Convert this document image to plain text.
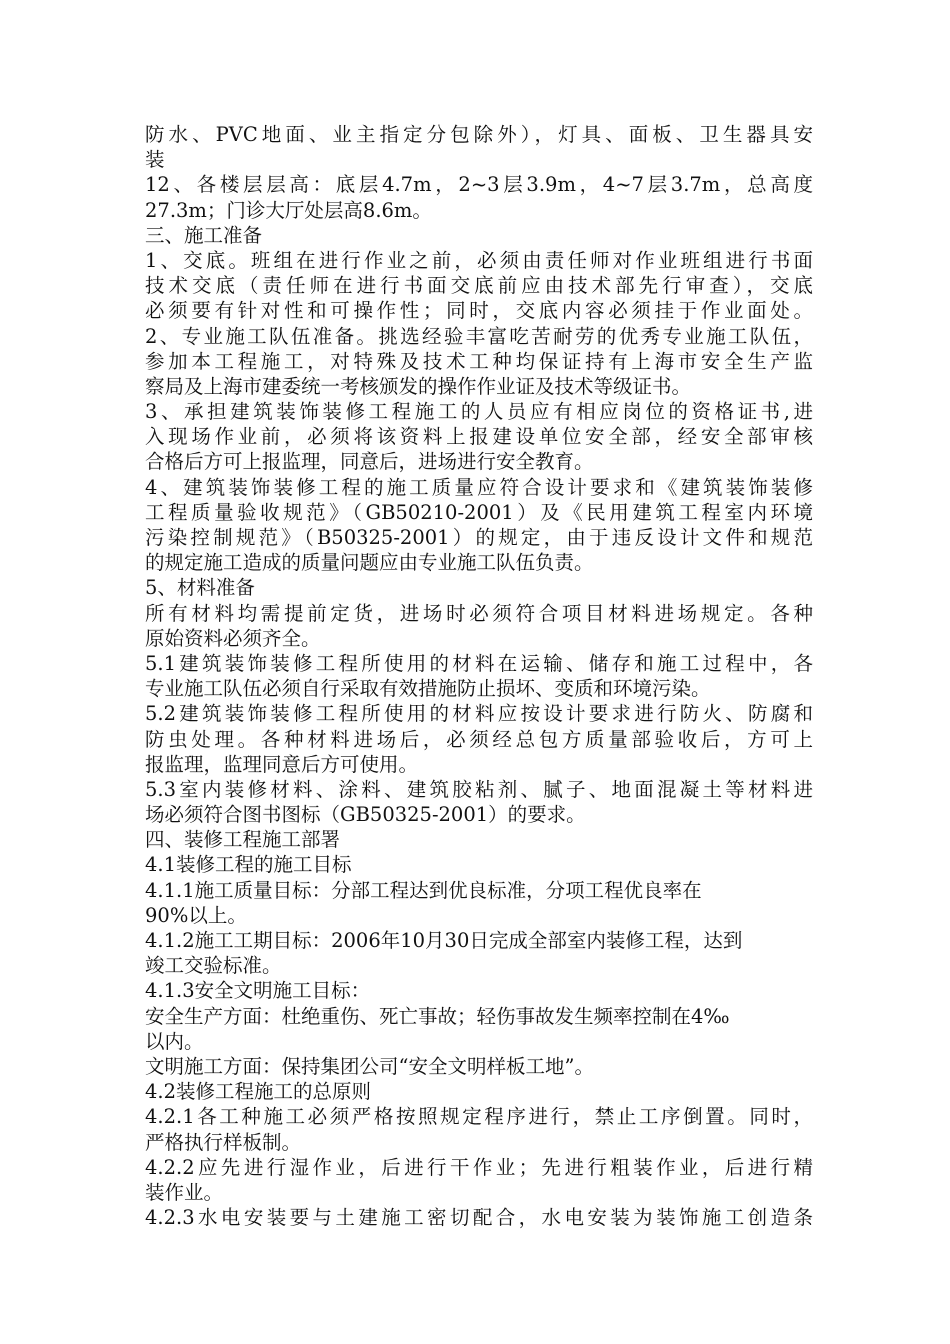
防水、PVC地面、业主指定分包除外），灯具、面板、卫生器具安
装
12、各楼层层高：底层4.7m，2~3层3.9m，4~7层3.7m，总高度
27.3m；门诊大厅处层高8.6m。
三、施工准备
1、交底。班组在进行作业之前，必须由责任师对作业班组进行书面
技术交底（责任师在进行书面交底前应由技术部先行审查），交底
必须要有针对性和可操作性；同时，交底内容必须挂于作业面处。
2、专业施工队伍准备。挑选经验丰富吃苦耐劳的优秀专业施工队伍，
参加本工程施工，对特殊及技术工种均保证持有上海市安全生产监
察局及上海市建委统一考核颁发的操作作业证及技术等级证书。
3、承担建筑装饰装修工程施工的人员应有相应岗位的资格证书,进
入现场作业前，必须将该资料上报建设单位安全部，经安全部审核
合格后方可上报监理，同意后，进场进行安全教育。
4、建筑装饰装修工程的施工质量应符合设计要求和《建筑装饰装修
工程质量验收规范》（GB50210-2001）及《民用建筑工程室内环境
污染控制规范》（B50325-2001）的规定，由于违反设计文件和规范
的规定施工造成的质量问题应由专业施工队伍负责。
5、材料准备
所有材料均需提前定货，进场时必须符合项目材料进场规定。各种
原始资料必须齐全。
5.1建筑装饰装修工程所使用的材料在运输、储存和施工过程中，各
专业施工队伍必须自行采取有效措施防止损坏、变质和环境污染。
5.2建筑装饰装修工程所使用的材料应按设计要求进行防火、防腐和
防虫处理。各种材料进场后，必须经总包方质量部验收后，方可上
报监理，监理同意后方可使用。
5.3室内装修材料、涂料、建筑胶粘剂、腻子、地面混凝土等材料进
场必须符合图书图标（GB50325-2001）的要求。
四、装修工程施工部署
4.1装修工程的施工目标
4.1.1施工质量目标：分部工程达到优良标准，分项工程优良率在
90%以上。
4.1.2施工工期目标：2006年10月30日完成全部室内装修工程，达到
竣工交验标准。
4.1.3安全文明施工目标：
安全生产方面：杜绝重伤、死亡事故；轻伤事故发生频率控制在4‰
以内。
文明施工方面：保持集团公司“安全文明样板工地”。
4.2装修工程施工的总原则
4.2.1各工种施工必须严格按照规定程序进行，禁止工序倒置。同时，
严格执行样板制。
4.2.2应先进行湿作业，后进行干作业；先进行粗装作业，后进行精
装作业。
4.2.3水电安装要与土建施工密切配合，水电安装为装饰施工创造条
